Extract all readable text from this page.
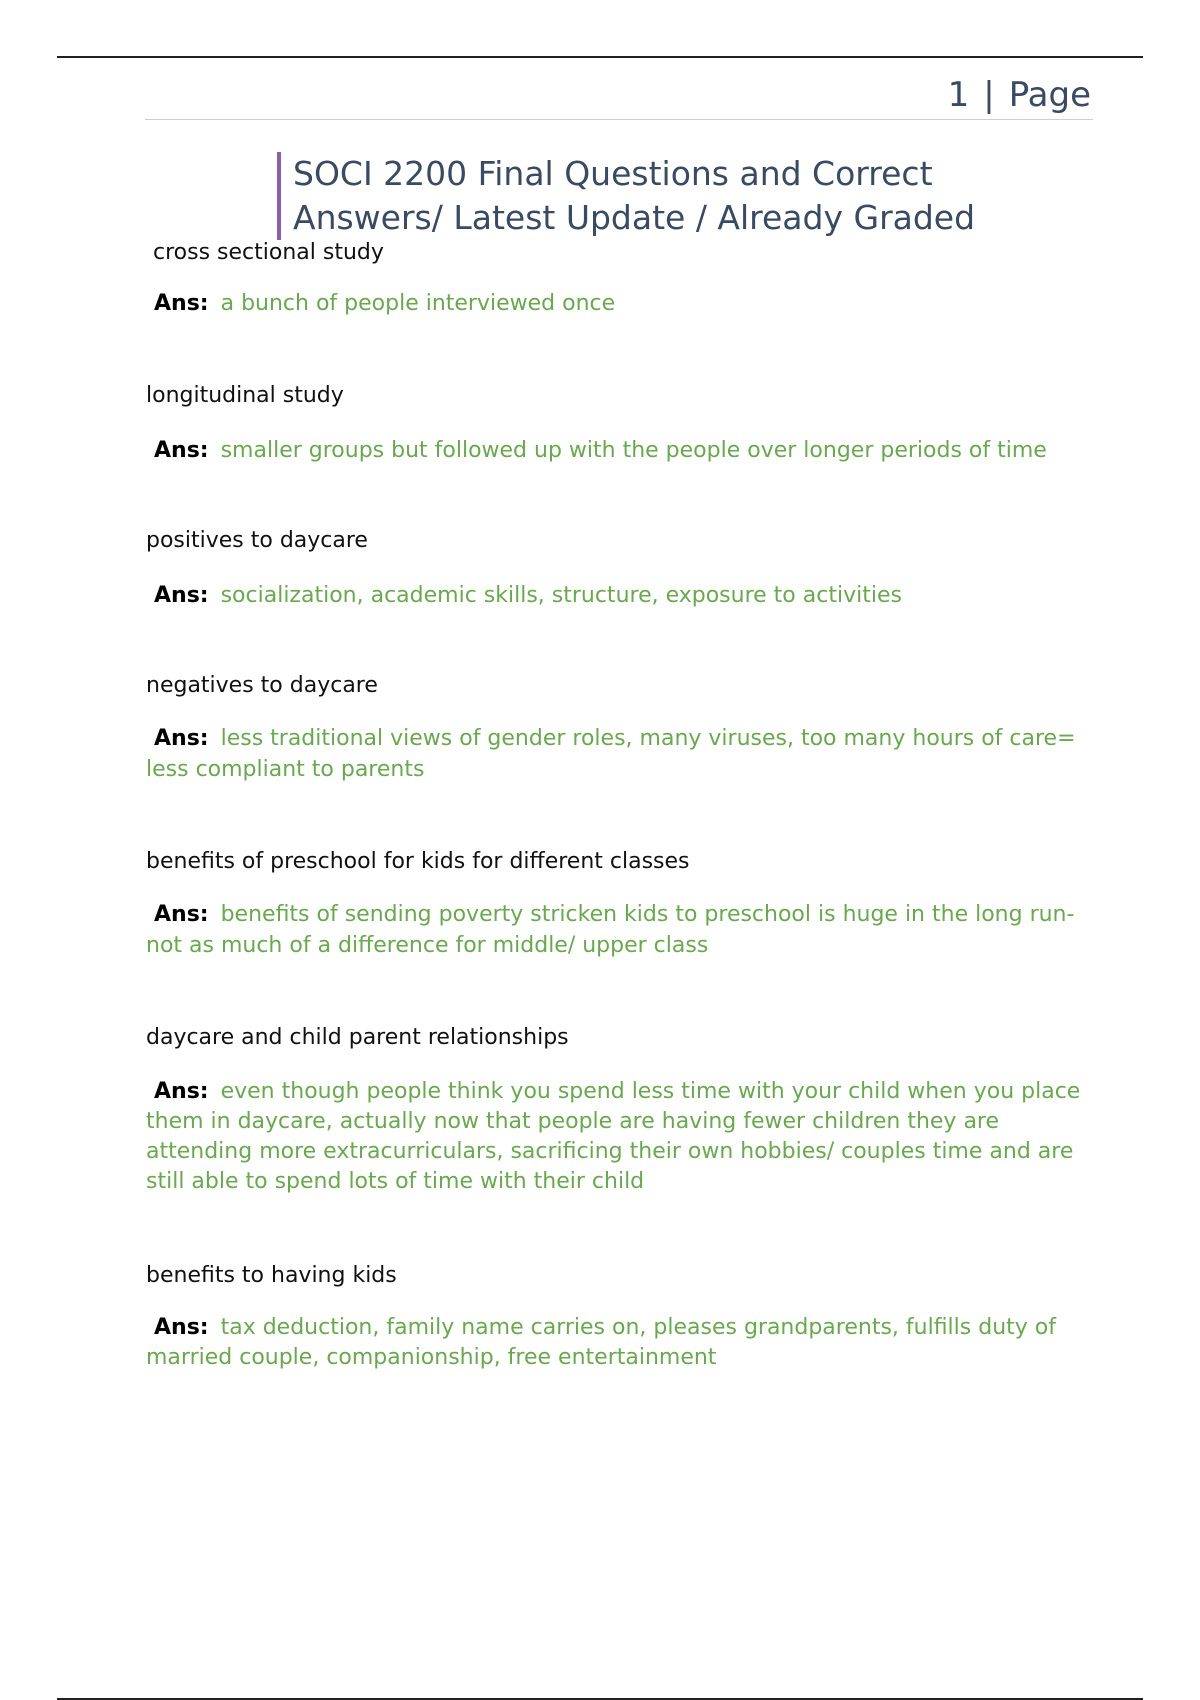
1 | Page
SOCI 2200 Final Questions and Correct
Answers/ Latest Update / Already Graded
cross sectional study
Ans: a bunch of people interviewed once
longitudinal study
Ans: smaller groups but followed up with the people over longer periods of time
positives to daycare
Ans: socialization, academic skills, structure, exposure to activities
negatives to daycare
Ans: less traditional views of gender roles, many viruses, too many hours of care= less compliant to parents
benefits of preschool for kids for different classes
Ans: benefits of sending poverty stricken kids to preschool is huge in the long run- not as much of a difference for middle/ upper class
daycare and child parent relationships
Ans: even though people think you spend less time with your child when you place them in daycare, actually now that people are having fewer children they are attending more extracurriculars, sacrificing their own hobbies/ couples time and are still able to spend lots of time with their child
benefits to having kids
Ans: tax deduction, family name carries on, pleases grandparents, fulfills duty of married couple, companionship, free entertainment
